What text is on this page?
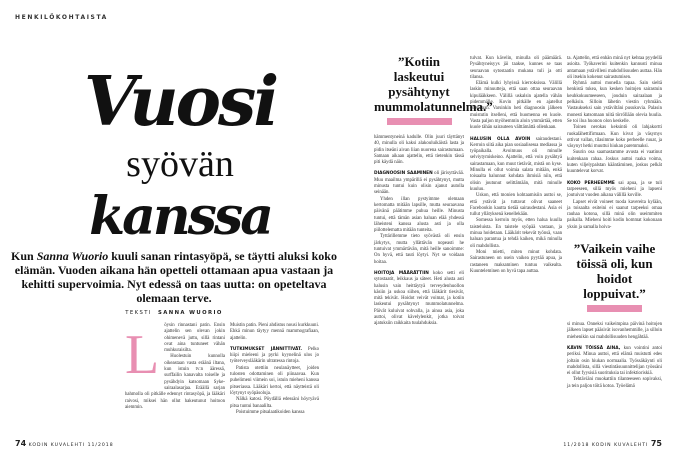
HENKILÖKOHTAISTA
Vuosi
syövän
kanssa
Kun Sanna Wuorio kuuli sanan rintasyöpä, se täytti aluksi koko elämän. Vuoden aikana hän opetteli ottamaan apua vastaan ja kehitti supervoimia. Nyt edessä on taas uutta: on opeteltava olemaan terve.
TEKSTI SANNA WUORIO
L	öysin rinnastani patin. Ensin ajattelin sen olevan jokin ohimenevä juttu, sillä rintani ovat aina tuntuneet vähän muhkuraisilta.

Huolestuin kunnolla oikeastaan vasta eräänä iltana, kun istuin tv:n ääressä, surffailin kanavalta toiselle ja pysähdyin katsomaan Syke-sairaalasarjaa. Eräällä sarjan hahmolla oli pitkälle edennyt rintasyöpä, ja lääkäri raivosi, miksei hän ollut hakeutunut hoitoon aiemmin.

Muistin patin. Pieni ahdistus nousi kurkkuuni. Ehkä minun täytyy mennä mammografiaan, ajattelin.

TUTKIMUKSET JÄNNITTIVÄT. Pelko hiipi mieleeni ja pyrki kyynelinä ulos jo työterveyslääkärin ultratessa rintoja.

Patista otettiin neulanäytteet, joiden tulosten odottaminen oli piinaavaa. Kun puhelimeni viimein soi, istuin mieheni kanssa pitseriassa. Lääkäri kertoi, että näytteistä oli löytynyt syöpäsoluja.

Nälkä katosi. Pöydällä edessäni höyryävä pitsa tuntui banaalilta.

Poistuimme pitsalaatikoiden kanssa

74 KODIN KUVALEHTI 11/2018
”Kotiin laskeutui pysähtynyt mummolatunnelma.”

hämmentyneinä kadulle. Olin juuri täyttänyt 40, minulla oli kaksi alakouluikäistä lasta ja pidin itseäni aivan liian nuorena sairastumaan. Samaan aikaan ajattelin, että tietenkin tässä piti käydä näin.

DIAGNOOSIN SAAMINEN oli järisyttävää. Muu maailma ympärillä ei pysähtynyt, mutta minusta tuntui kuin olisin ajanut autolla seinään.

Yhden illan pystyimme olemaan kertomatta mitään lapsille, mutta seuraavana päivänä päätimme puhua heille. Minusta tuntui, että tämän asian haluan elää yhdessä läheisteni kanssa alusta asti ja olla piilottelematta mitään tunteita.

Tyttärillemme tieto syövästä oli ensin järkytys, mutta yllättävän nopeasti he tuntuivat ymmärtävän, mitä heille sanoimme: On hyvä, että tauti löytyi. Nyt se voidaan hoitaa.

HOITOJA MÄÄRÄTTIIN koko setti eli sytostaatit, leikkaus ja säteet. Heti alusta asti halusin vain heittäytyä terveydenhuollon käsiin ja uskoa siihen, että lääkärit tiesivät, mitä tekivät. Hoidot veivät voimat, ja kotiin laskeutui pysähtynyt mummolatunnelma. Päivät kuluivat sohvalla, ja ainoa asia, joka auttoi, olivat kävelylenkit, jotka toivat ajatuksiin raikkaita tuulahduksia.

tulvat. Kun kävelin, minulla oli päämäärä. Pysähtyneisyys jäi taakse, kunnes se taas seuraavan sytostaatin mukana tuli ja otti tilansa.

Elämä kulki lyhyissä kierroksissa. Välillä laskin minuutteja, että saan ottaa seuraavan kipulääkkeen. Välillä uskalsin ajatella vähän pidemmälle. Kovin pitkälle en ajatellut ollenkaan. Varsinkin heti diagnoosin jälkeen muistutin itselleni, että huomenna en kuole. Vasta paljon myöhemmin aloin ymmärtää, etten kuole tähän sairauteen välttämättä ollenkaan.

HALUSIN OLLA AVOIN sairaudestani. Kerroin siitä aika pian sosiaalisessa mediassa ja työpaikalla. Avoimuus oli minulle selviytymiskeino. Ajattelin, että voin pysähtyä sairastamaan, kun muut tietävät, mistä on kyse. Minulla ei ollut voimia salata mitään, enkä toisaalta halunnut kohdata ihmisiä niin, että olisin joutunut selittämään, mitä minulle kuuluu.

Uskon, että monien kohtaamisiin auttoi se, että ystävät ja tuttavat olivat saaneet Facebookin kautta tietää sairaudestani. Asia ei tullut yllätyksenä kenellekään.

Somessa kerroin myös, etten halua kuulla taisteluista. En taistele syöpää vastaan, ja minua hoidetaan. Lääkärit tekevät työnsä, vaan haluan parantua ja tehdä kaiken, mikä minulla oli mahdollista.

Moni mietti, miten minut kohdata. Sairastuneen on usein vaikea pyytää apua, ja rastaneen maksaminen tuntuu vaikealta. Kuunteleminen on hyvä tapa auttaa.

ta. Ajattelin, että enhän minä nyt kehtaa pyydellä asioita. Työkaverini kuitenkin kannusti minua antamaan ystävilleni mahdollisuuden auttaa. Hän oli itsekin kokenut sairastumisen.

Ryhmä auttoi monella tapaa. Sain sieltä henkistä tukea, kun kesken hoitojen sairastuin keuhkokuumeeseen, jouduin sairaalaan ja pelkäsin. Silloin lähetin viestin ryhmään. Vastaukseksi sain ystäviltäni pusukuvia. Palasin monesti katsomaan niitä törröllään olevia huulia. Se toi iloa huonon olon keskelle.

Toinen nerokas keksintö oli lahjakortti ruokalähettifirmaan. Kun kivut ja väsymys ottivat vallan, tilasimme koko perheelle ruuat, ja väsynyt hetki muuttui hiukan paremmaksi.

Suurin osa saamastamme avusta ei vaatinut kuitenkaan rahaa. Joskus auttoi raaka voima, kuten viljelypalstan kääntäminen, joskus pelkät kuuntelevat korvat.

KOKO PERHEEMME sai apua, ja se tuli tarpeeseen, sillä myös mieheni ja lapseni joutuivat vuoden aikana välillä koville.

Lapset eivät voineet tuoda kavereita kylään, ja toisaalta esiteini ei saanut tarpeeksi omaa rauhaa kotona, sillä minä olin useimmiten paikalla. Mieheni hoiti kodin hommat kokonaan yksin ja samalla hoiva-

”Vaikein vaihe töissä oli, kun hoidot loppuivat.”

si minua. Onneksi vaikeimpina päivinä hoitojen jälkeen lapset pääsivät isovanhemmille, ja silloin miehenikin sai mahdollisuuden hengähtää.

KÄVIN TÖISSÄ AINA, kun vointini antoi periksi. Minua auttoi, että elämä muistutti edes joltain osin hiukan normaalia. Työssäkäynti oli mahdollista, sillä viestintäsuunnittelijan työssäni ei ollut fyysisiä suorituksia tai infektioriskiä.

Tehtäviäni muokattiin tilanteeseen sopivaksi, ja tein paljon töitä kotoa. Työelämä

11/2018 KODIN KUVALEHTI 75
